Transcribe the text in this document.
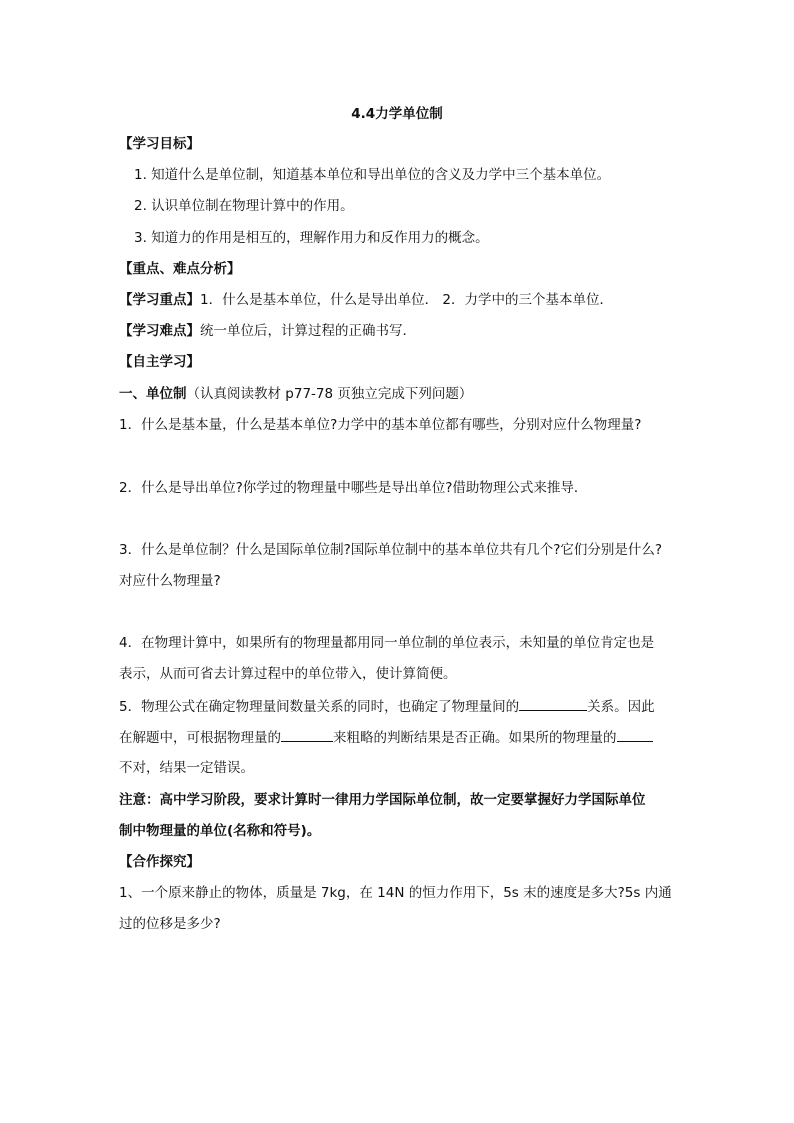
4.4力学单位制
【学习目标】
1. 知道什么是单位制，知道基本单位和导出单位的含义及力学中三个基本单位。
2. 认识单位制在物理计算中的作用。
3. 知道力的作用是相互的，理解作用力和反作用力的概念。
【重点、难点分析】
【学习重点】1．什么是基本单位，什么是导出单位． 2．力学中的三个基本单位．
【学习难点】统一单位后，计算过程的正确书写．
【自主学习】
一、单位制（认真阅读教材 p77-78 页独立完成下列问题）
1．什么是基本量，什么是基本单位?力学中的基本单位都有哪些，分别对应什么物理量?
2．什么是导出单位?你学过的物理量中哪些是导出单位?借助物理公式来推导．
3．什么是单位制？什么是国际单位制?国际单位制中的基本单位共有几个?它们分别是什么?
对应什么物理量?
4．在物理计算中，如果所有的物理量都用同一单位制的单位表示，未知量的单位肯定也是
表示，从而可省去计算过程中的单位带入，使计算简便。
5．物理公式在确定物理量间数量关系的同时，也确定了物理量间的	关系。因此
在解题中，可根据物理量的	来粗略的判断结果是否正确。如果所的物理量的
不对，结果一定错误。
注意：高中学习阶段，要求计算时一律用力学国际单位制，故一定要掌握好力学国际单位
制中物理量的单位(名称和符号)。
【合作探究】
1、一个原来静止的物体，质量是 7kg，在 14N 的恒力作用下，5s 末的速度是多大?5s 内通
过的位移是多少?
